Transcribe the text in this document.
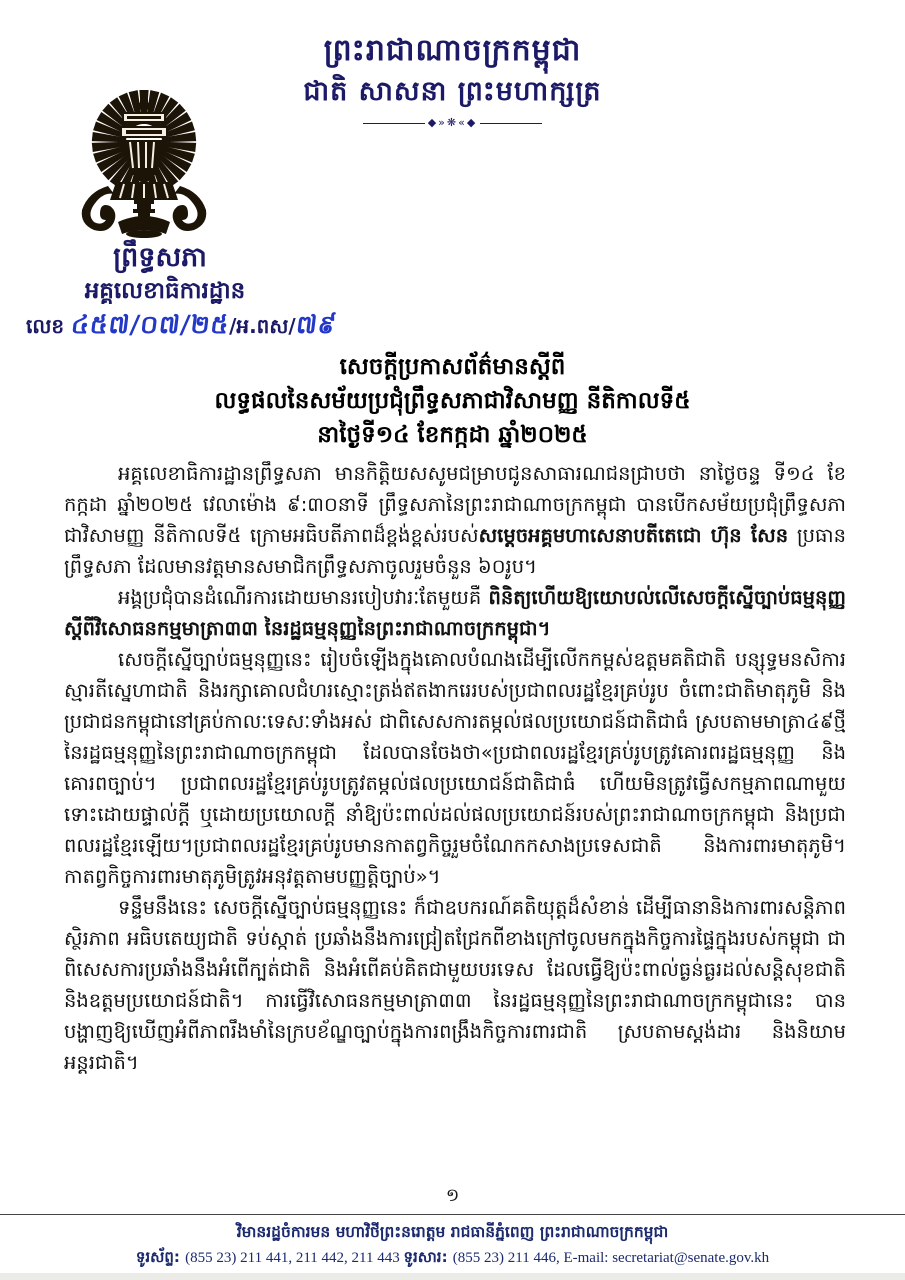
ព្រះរាជាណាចក្រកម្ពុជា
ជាតិ សាសនា ព្រះមហាក្សត្រ
◆»❋«◆
ព្រឹទ្ធសភា
អគ្គលេខាធិការដ្ឋាន
លេខ ៤៥៧/០៧/២៥/អ.ពស/៧៩
សេចក្ដីប្រកាសព័ត៌មានស្ដីពី
លទ្ធផលនៃសម័យប្រជុំព្រឹទ្ធសភាជាវិសាមញ្ញ នីតិកាលទី៥
នាថ្ងៃទី១៤ ខែកក្កដា ឆ្នាំ២០២៥

អគ្គលេខាធិការដ្ឋានព្រឹទ្ធសភា មានកិត្តិយសសូមជម្រាបជូនសាធារណជនជ្រាបថា នាថ្ងៃចន្ទ ទី១៤ ខែកក្កដា ឆ្នាំ២០២៥ វេលាម៉ោង ៩:៣០នាទី ព្រឹទ្ធសភានៃព្រះរាជាណាចក្រកម្ពុជា បានបើកសម័យប្រជុំព្រឹទ្ធសភាជាវិសាមញ្ញ នីតិកាលទី៥ ក្រោមអធិបតីភាពដ៏ខ្ពង់ខ្ពស់របស់សម្ដេចអគ្គមហាសេនាបតីតេជោ ហ៊ុន សែន ប្រធានព្រឹទ្ធសភា ដែលមានវត្តមានសមាជិកព្រឹទ្ធសភាចូលរួមចំនួន ៦០រូប។

អង្គប្រជុំបានដំណើរការដោយមានរបៀបវារៈតែមួយគឺ ពិនិត្យហើយឱ្យយោបល់លើសេចក្ដីស្នើច្បាប់ធម្មនុញ្ញ ស្ដីពីវិសោធនកម្មមាត្រា៣៣ នៃរដ្ឋធម្មនុញ្ញនៃព្រះរាជាណាចក្រកម្ពុជា។

សេចក្ដីស្នើច្បាប់ធម្មនុញ្ញនេះ រៀបចំឡើងក្នុងគោលបំណងដើម្បីលើកកម្ពស់ឧត្តមគតិជាតិ បន្សុទ្ធមនសិការស្មារតីស្នេហាជាតិ និងរក្សាគោលជំហរស្មោះត្រង់ឥតងាករេរបស់ប្រជាពលរដ្ឋខ្មែរគ្រប់រូប ចំពោះជាតិមាតុភូមិ និងប្រជាជនកម្ពុជានៅគ្រប់កាលៈទេសៈទាំងអស់ ជាពិសេសការតម្កល់ផលប្រយោជន៍ជាតិជាធំ ស្របតាមមាត្រា៤៩ថ្មី នៃរដ្ឋធម្មនុញ្ញនៃព្រះរាជាណាចក្រកម្ពុជា ដែលបានចែងថា«ប្រជាពលរដ្ឋខ្មែរគ្រប់រូបត្រូវគោរពរដ្ឋធម្មនុញ្ញ និងគោរពច្បាប់។ ប្រជាពលរដ្ឋខ្មែរគ្រប់រូបត្រូវតម្កល់ផលប្រយោជន៍ជាតិជាធំ ហើយមិនត្រូវធ្វើសកម្មភាពណាមួយ ទោះដោយផ្ទាល់ក្ដី ឬដោយប្រយោលក្ដី នាំឱ្យប៉ះពាល់ដល់ផលប្រយោជន៍របស់ព្រះរាជាណាចក្រកម្ពុជា និងប្រជាពលរដ្ឋខ្មែរឡើយ។ប្រជាពលរដ្ឋខ្មែរគ្រប់រូបមានកាតព្វកិច្ចរួមចំណែកកសាងប្រទេសជាតិ និងការពារមាតុភូមិ។ កាតព្វកិច្ចការពារមាតុភូមិត្រូវអនុវត្តតាមបញ្ញត្តិច្បាប់»។

ទន្ទឹមនឹងនេះ សេចក្ដីស្នើច្បាប់ធម្មនុញ្ញនេះ ក៏ជាឧបករណ៍គតិយុត្តដ៏សំខាន់ ដើម្បីធានានិងការពារសន្តិភាព ស្ថិរភាព អធិបតេយ្យជាតិ ទប់ស្កាត់ ប្រឆាំងនឹងការជ្រៀតជ្រែកពីខាងក្រៅចូលមកក្នុងកិច្ចការផ្ទៃក្នុងរបស់កម្ពុជា ជាពិសេសការប្រឆាំងនឹងអំពើក្បត់ជាតិ និងអំពើគប់គិតជាមួយបរទេស ដែលធ្វើឱ្យប៉ះពាល់ធ្ងន់ធ្ងរដល់សន្តិសុខជាតិ និងឧត្តមប្រយោជន៍ជាតិ។ ការធ្វើវិសោធនកម្មមាត្រា៣៣ នៃរដ្ឋធម្មនុញ្ញនៃព្រះរាជាណាចក្រកម្ពុជានេះ បានបង្ហាញឱ្យឃើញអំពីភាពរឹងមាំនៃក្របខ័ណ្ឌច្បាប់ក្នុងការពង្រឹងកិច្ចការពារជាតិ ស្របតាមស្ដង់ដារ និងនិយាមអន្តរជាតិ។

១
វិមានរដ្ឋចំការមន មហាវិថីព្រះនរោត្តម រាជធានីភ្នំពេញ ព្រះរាជាណាចក្រកម្ពុជា
ទូរស័ព្ទ: (855 23) 211 441, 211 442, 211 443 ទូរសារ: (855 23) 211 446, E-mail: secretariat@senate.gov.kh
